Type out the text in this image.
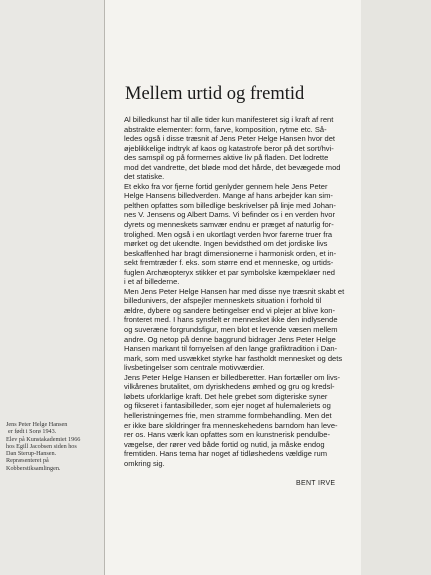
Jens Peter Helge Hansen
er født i Sorø 1943.
Elev på Kunstakademiet 1966
hos Egill Jacobsen siden hos
Dan Sterup-Hansen.
Repræsenteret på
Kobberstiksamlingen.
Mellem urtid og fremtid
Al billedkunst har til alle tider kun manifesteret sig i kraft af rent
abstrakte elementer: form, farve, komposition, rytme etc. Så-
ledes også i disse træsnit af Jens Peter Helge Hansen hvor det
øjeblikkelige indtryk af kaos og katastrofe beror på det sort/hvi-
des samspil og på formernes aktive liv på fladen. Det lodrette
mod det vandrette, det bløde mod det hårde, det bevægede mod
det statiske.
Et ekko fra vor fjerne fortid genlyder gennem hele Jens Peter
Helge Hansens billedverden. Mange af hans arbejder kan sim-
pelthen opfattes som billedlige beskrivelser på linje med Johan-
nes V. Jensens og Albert Dams. Vi befinder os i en verden hvor
dyrets og menneskets samvær endnu er præget af naturlig for-
trolighed. Men også i en ukortlagt verden hvor farerne truer fra
mørket og det ukendte. Ingen bevidsthed om det jordiske livs
beskaffenhed har bragt dimensionerne i harmonisk orden, et in-
sekt fremtræder f. eks. som større end et menneske, og urtids-
fuglen Archæopteryx stikker et par symbolske kæmpekløer ned
i et af billederne.
Men Jens Peter Helge Hansen har med disse nye træsnit skabt et
billedunivers, der afspejler menneskets situation i forhold til
ældre, dybere og sandere betingelser end vi plejer at blive kon-
fronteret med. I hans synsfelt er mennesket ikke den indlysende
og suveræne forgrundsfigur, men blot et levende væsen mellem
andre. Og netop på denne baggrund bidrager Jens Peter Helge
Hansen markant til fornyelsen af den lange grafiktradition i Dan-
mark, som med usvækket styrke har fastholdt mennesket og dets
livsbetingelser som centrale motivværdier.
Jens Peter Helge Hansen er billedberetter. Han fortæller om livs-
vilkårenes brutalitet, om dyriskhedens ømhed og gru og kredsl-
løbets uforklarlige kraft. Det hele grebet som digteriske syner
og fikseret i fantasibilleder, som ejer noget af hulemaleriets og
helleristningernes frie, men stramme formbehandling. Men det
er ikke bare skildringer fra menneskehedens barndom han leve-
rer os. Hans værk kan opfattes som en kunstnerisk pendulbe-
vægelse, der rører ved både fortid og nutid, ja måske endog
fremtiden. Hans tema har noget af tidløshedens vældige rum
omkring sig.
BENT IRVE
